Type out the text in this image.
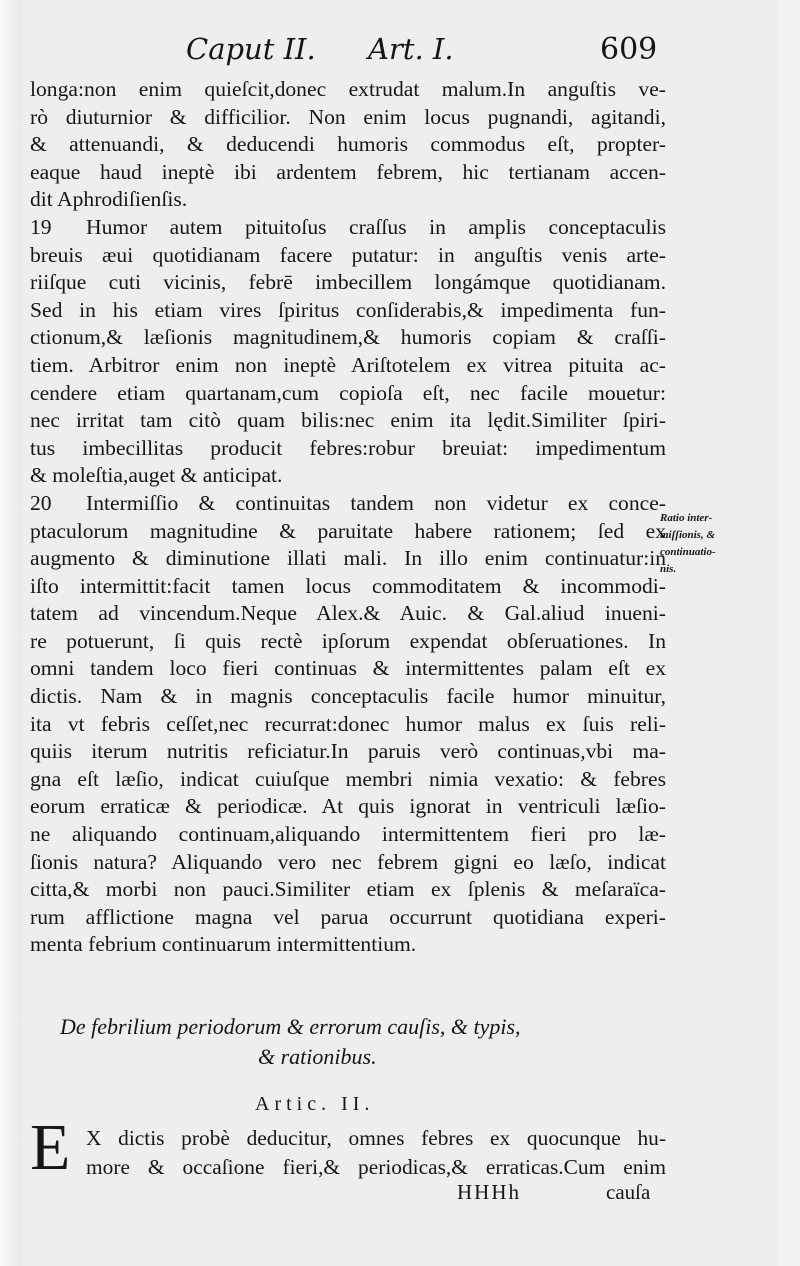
Caput II. Art. I.	609
longa:non enim quieſcit,donec extrudat malum.In anguſtis ve-
rò diuturnior & difficilior. Non enim locus pugnandi, agitandi,
& attenuandi, & deducendi humoris commodus eſt, propter-
eaque haud ineptè ibi ardentem febrem, hic tertianam accen-
dit Aphrodiſienſis.
19 Humor autem pituitoſus craſſus in amplis conceptaculis
breuis æui quotidianam facere putatur: in anguſtis venis arte-
riiſque cuti vicinis, febrē imbecillem longámque quotidianam.
Sed in his etiam vires ſpiritus conſiderabis,& impedimenta fun-
ctionum,& læſionis magnitudinem,& humoris copiam & craſſi-
tiem. Arbitror enim non ineptè Ariſtotelem ex vitrea pituita ac-
cendere etiam quartanam,cum copioſa eſt, nec facile mouetur:
nec irritat tam citò quam bilis:nec enim ita lędit.Similiter ſpiri-
tus imbecillitas producit febres:robur breuiat: impedimentum
& moleſtia,auget & anticipat.
20 Intermiſſio & continuitas tandem non videtur ex conce-
ptaculorum magnitudine & paruitate habere rationem; ſed ex
augmento & diminutione illati mali. In illo enim continuatur:in
iſto intermittit:facit tamen locus commoditatem & incommodi-
tatem ad vincendum.Neque Alex.& Auic. & Gal.aliud inueni-
re potuerunt, ſi quis rectè ipſorum expendat obſeruationes. In
omni tandem loco fieri continuas & intermittentes palam eſt ex
dictis. Nam & in magnis conceptaculis facile humor minuitur,
ita vt febris ceſſet,nec recurrat:donec humor malus ex ſuis reli-
quiis iterum nutritis reficiatur.In paruis verò continuas,vbi ma-
gna eſt læſio, indicat cuiuſque membri nimia vexatio: & febres
eorum erraticæ & periodicæ. At quis ignorat in ventriculi læſio-
ne aliquando continuam,aliquando intermittentem fieri pro læ-
ſionis natura? Aliquando vero nec febrem gigni eo læſo, indicat
citta,& morbi non pauci.Similiter etiam ex ſplenis & meſaraïca-
rum afflictione magna vel parua occurrunt quotidiana experi-
menta febrium continuarum intermittentium.
Ratio inter-
miſſionis, &
continuatio-
nis.
De febrilium periodorum & errorum cauſis, & typis,
& rationibus.
Artic. II.
E X dictis probè deducitur, omnes febres ex quocunque hu-
more & occaſione fieri,& periodicas,& erraticas.Cum enim
HHHh	cauſa
